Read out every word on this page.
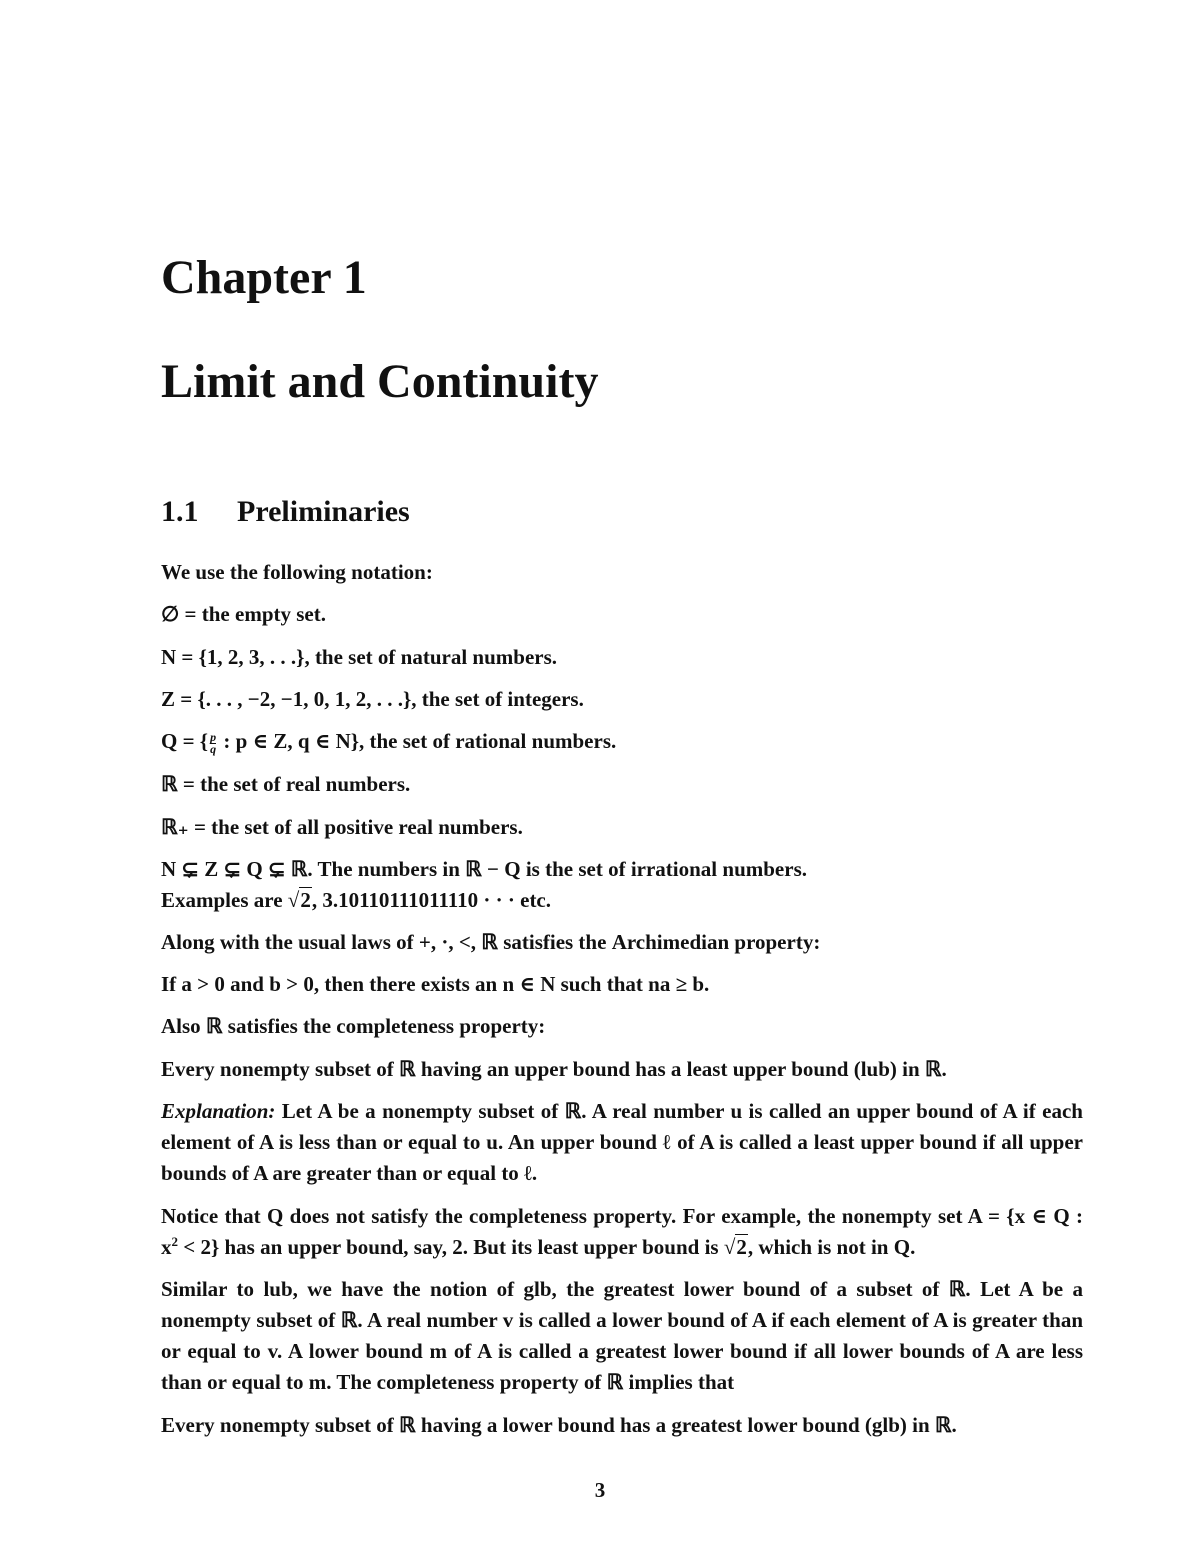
Chapter 1
Limit and Continuity
1.1 Preliminaries

We use the following notation:

∅ = the empty set.

N = {1, 2, 3, . . .}, the set of natural numbers.

Z = {. . . , −2, −1, 0, 1, 2, . . .}, the set of integers.

Q = { $\frac{p}{q}$ : p ∈ Z, q ∈ N}, the set of rational numbers.

ℝ = the set of real numbers.

ℝ₊ = the set of all positive real numbers.

N ⊊ Z ⊊ Q ⊊ ℝ. The numbers in ℝ − Q is the set of irrational numbers.
Examples are √2, 3.10110111011110 · · · etc.

Along with the usual laws of +, ·, <, ℝ satisfies the Archimedian property:

If a > 0 and b > 0, then there exists an n ∈ N such that na ≥ b.

Also ℝ satisfies the completeness property:

Every nonempty subset of ℝ having an upper bound has a least upper bound (lub) in ℝ.

Explanation: Let A be a nonempty subset of ℝ. A real number u is called an upper bound of A if each element of A is less than or equal to u. An upper bound ℓ of A is called a least upper bound if all upper bounds of A are greater than or equal to ℓ.

Notice that Q does not satisfy the completeness property. For example, the nonempty set A = {x ∈ Q : $x^2 < 2$} has an upper bound, say, 2. But its least upper bound is √2, which is not in Q.

Similar to lub, we have the notion of glb, the greatest lower bound of a subset of ℝ. Let A be a nonempty subset of ℝ. A real number v is called a lower bound of A if each element of A is greater than or equal to v. A lower bound m of A is called a greatest lower bound if all lower bounds of A are less than or equal to m. The completeness property of ℝ implies that

Every nonempty subset of ℝ having a lower bound has a greatest lower bound (glb) in ℝ.

3
